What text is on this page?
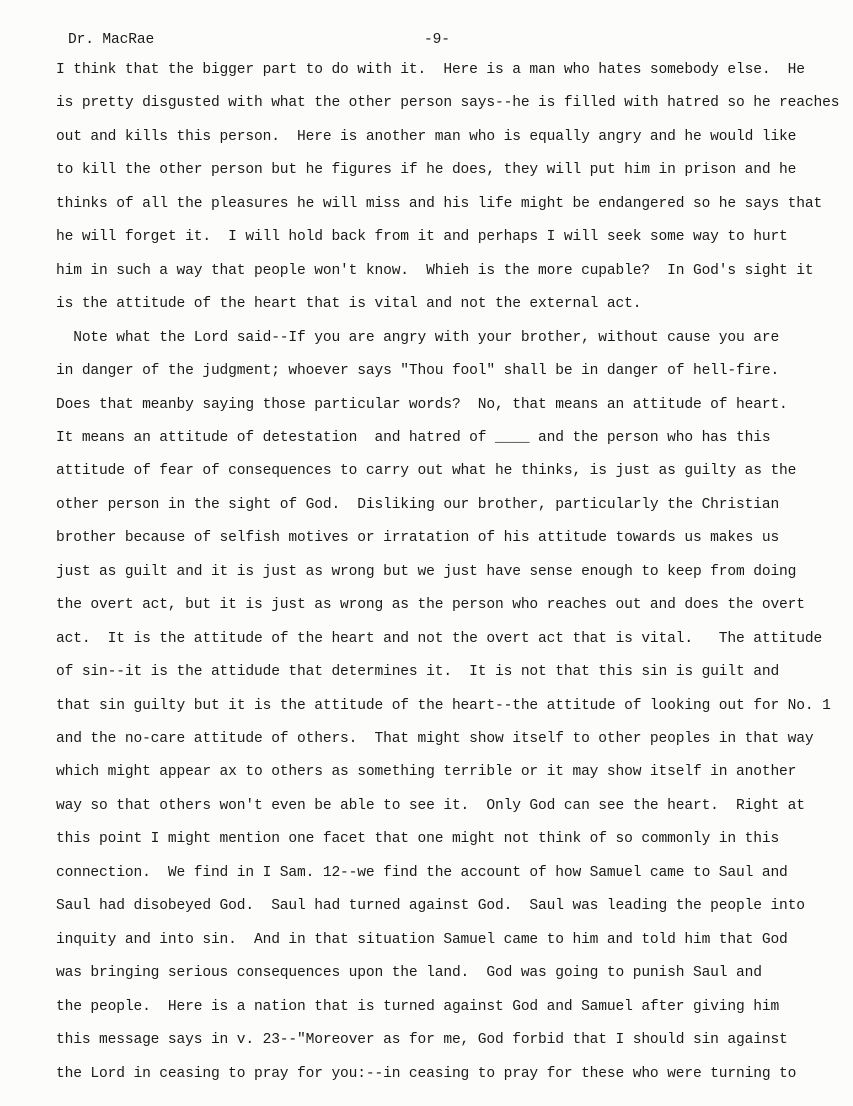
Dr. MacRae	-9-
I think that the bigger part to do with it.  Here is a man who hates somebody else.  He
is pretty disgusted with what the other person says--he is filled with hatred so he reaches
out and kills this person.  Here is another man who is equally angry and he would like
to kill the other person but he figures if he does, they will put him in prison and he
thinks of all the pleasures he will miss and his life might be endangered so he says that
he will forget it.  I will hold back from it and perhaps I will seek some way to hurt
him in such a way that people won't know.  Whieh is the more cupable?  In God's sight it
is the attitude of the heart that is vital and not the external act.
Note what the Lord said--If you are angry with your brother, without cause you are
in danger of the judgment; whoever says "Thou fool" shall be in danger of hell-fire.
Does that meanby saying those particular words?  No, that means an attitude of heart.
It means an attitude of detestation  and hatred of ____ and the person who has this
attitude of fear of consequences to carry out what he thinks, is just as guilty as the
other person in the sight of God.  Disliking our brother, particularly the Christian
brother because of selfish motives or irratation of his attitude towards us makes us
just as guilt and it is just as wrong but we just have sense enough to keep from doing
the overt act, but it is just as wrong as the person who reaches out and does the overt
act.  It is the attitude of the heart and not the overt act that is vital.   The attitude
of sin--it is the attidude that determines it.  It is not that this sin is guilt and
that sin guilty but it is the attitude of the heart--the attitude of looking out for No. 1
and the no-care attitude of others.  That might show itself to other peoples in that way
which might appear ax to others as something terrible or it may show itself in another
way so that others won't even be able to see it.  Only God can see the heart.  Right at
this point I might mention one facet that one might not think of so commonly in this
connection.  We find in I Sam. 12--we find the account of how Samuel came to Saul and
Saul had disobeyed God.  Saul had turned against God.  Saul was leading the people into
inquity and into sin.  And in that situation Samuel came to him and told him that God
was bringing serious consequences upon the land.  God was going to punish Saul and
the people.  Here is a nation that is turned against God and Samuel after giving him
this message says in v. 23--"Moreover as for me, God forbid that I should sin against
the Lord in ceasing to pray for you:--in ceasing to pray for these who were turning to
